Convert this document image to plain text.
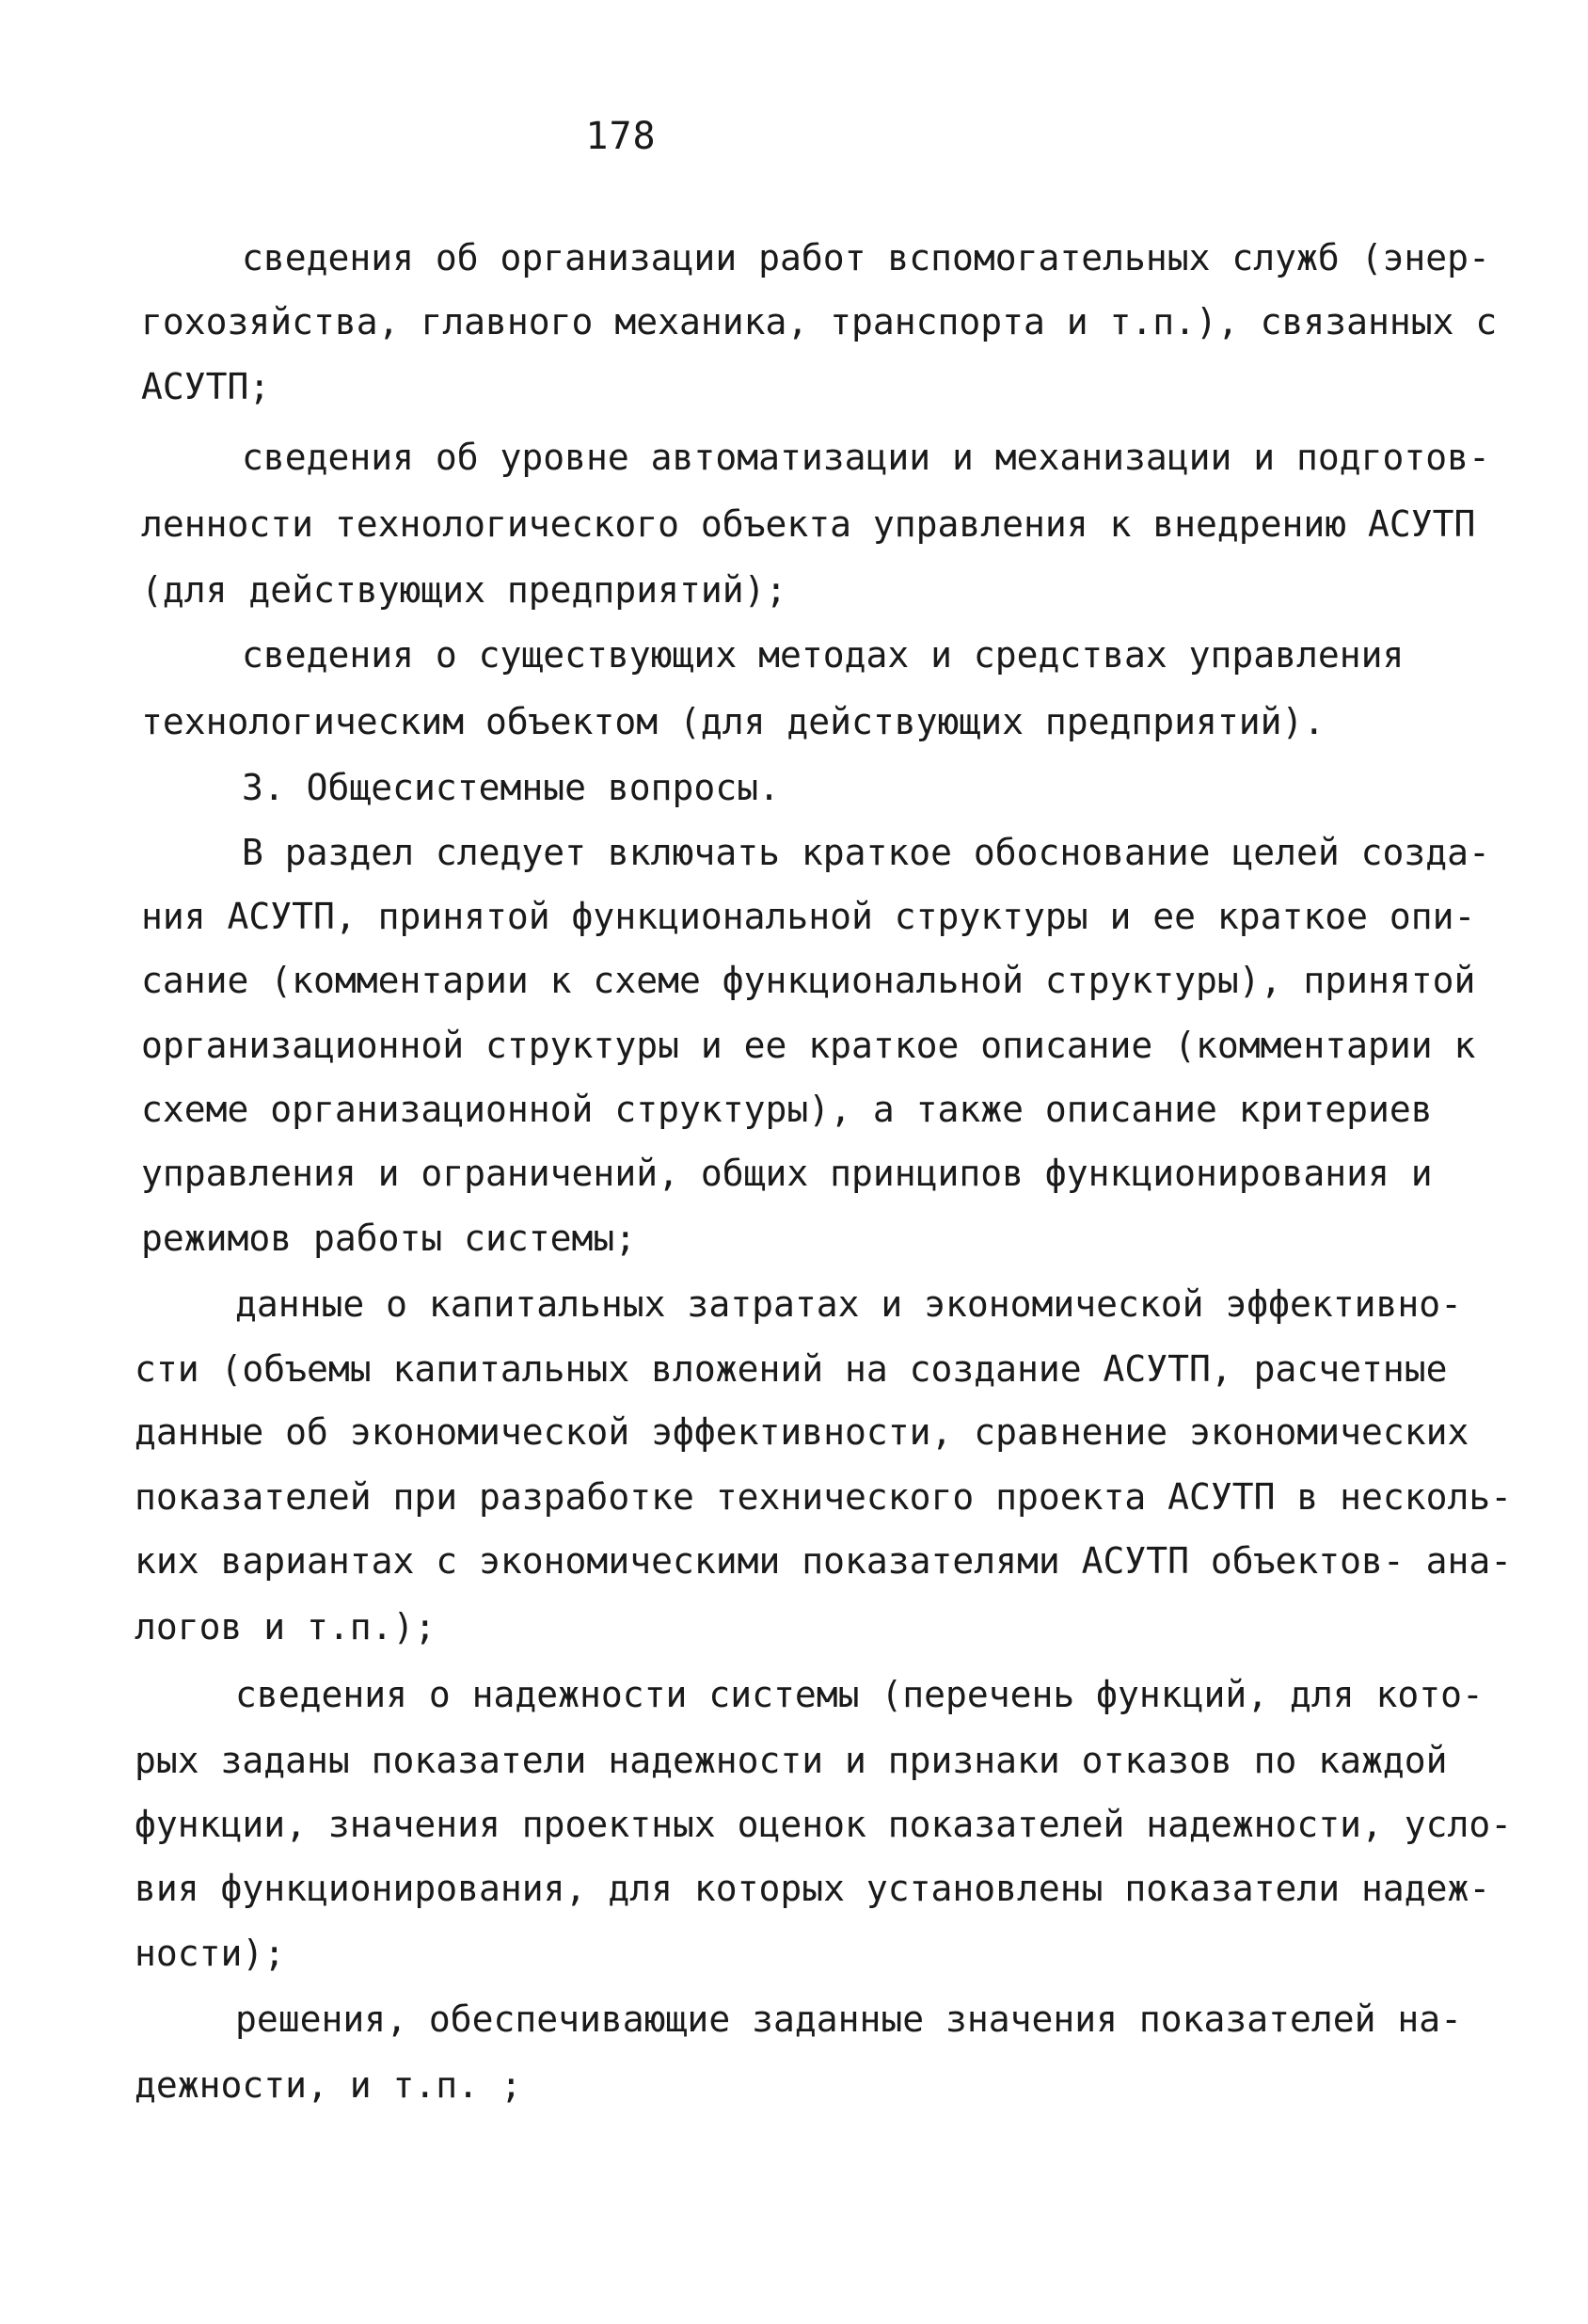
178
сведения об организации работ вспомогательных служб (энер-
гохозяйства, главного механика, транспорта и т.п.), связанных с
АСУТП;
сведения об уровне автоматизации и механизации и подготов-
ленности технологического объекта управления к внедрению АСУТП
(для действующих предприятий);
сведения о существующих методах и средствах управления
технологическим объектом (для действующих предприятий).
3. Общесистемные вопросы.
В раздел следует включать краткое обоснование целей созда-
ния АСУТП, принятой функциональной структуры и ее краткое опи-
сание (комментарии к схеме функциональной структуры), принятой
организационной структуры и ее краткое описание (комментарии к
схеме организационной структуры), а также описание критериев
управления и ограничений, общих принципов функционирования и
режимов работы системы;
данные о капитальных затратах и экономической эффективно-
сти (объемы капитальных вложений на создание АСУТП, расчетные
данные об экономической эффективности, сравнение экономических
показателей при разработке технического проекта АСУТП в несколь-
ких вариантах с экономическими показателями АСУТП объектов- ана-
логов и т.п.);
сведения о надежности системы (перечень функций, для кото-
рых заданы показатели надежности и признаки отказов по каждой
функции, значения проектных оценок показателей надежности, усло-
вия функционирования, для которых установлены показатели надеж-
ности);
решения, обеспечивающие заданные значения показателей на-
дежности, и т.п. ;
